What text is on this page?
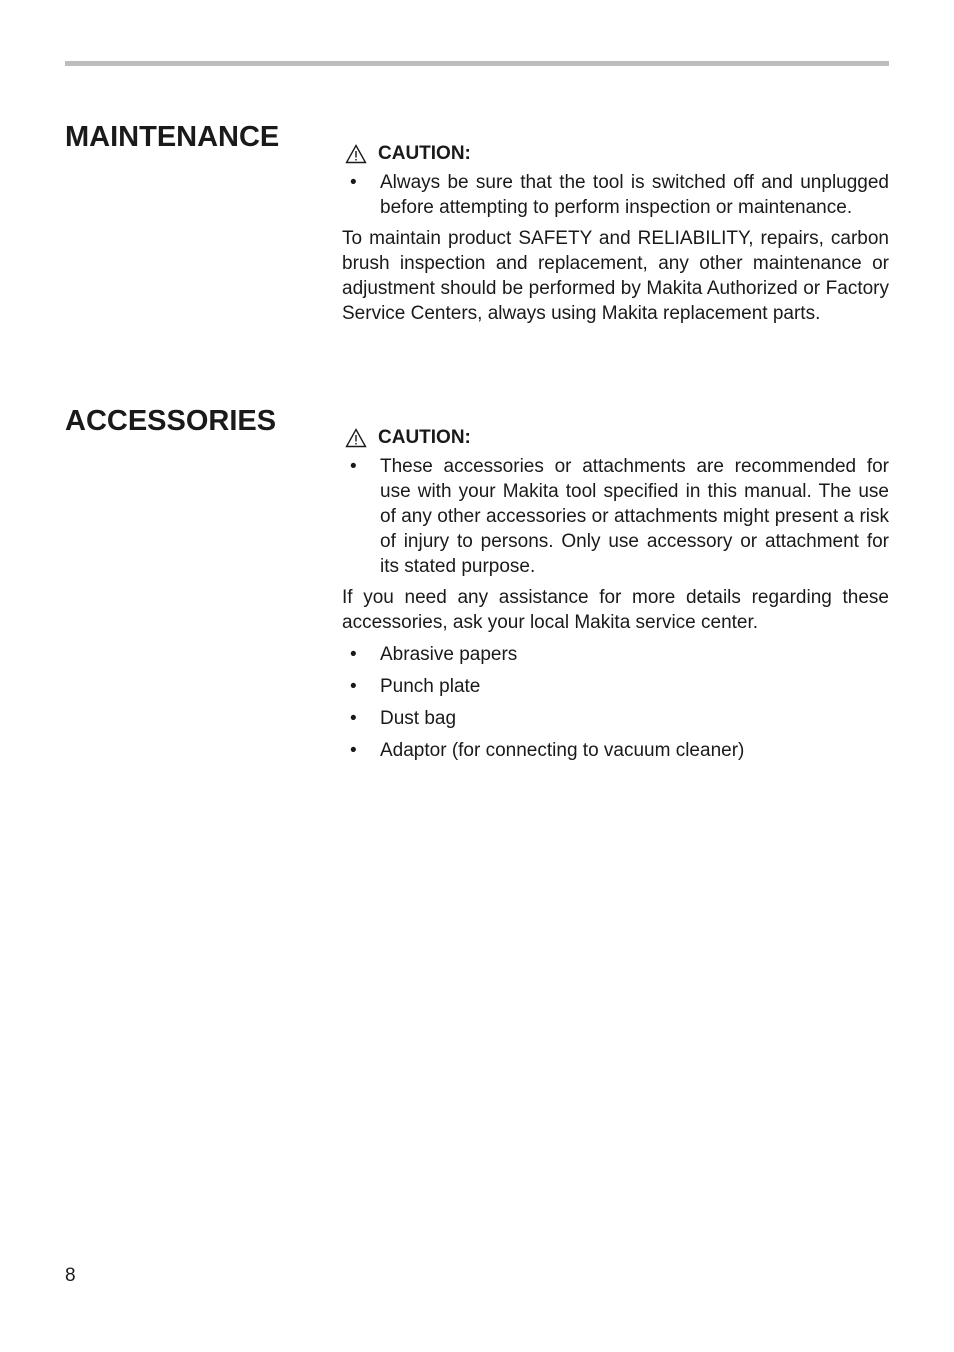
MAINTENANCE
CAUTION:
• Always be sure that the tool is switched off and unplugged before attempting to perform inspection or maintenance.

To maintain product SAFETY and RELIABILITY, repairs, carbon brush inspection and replacement, any other maintenance or adjustment should be performed by Makita Authorized or Factory Service Centers, always using Makita replacement parts.

ACCESSORIES
CAUTION:
• These accessories or attachments are recommended for use with your Makita tool specified in this manual. The use of any other accessories or attachments might present a risk of injury to persons. Only use accessory or attachment for its stated purpose.

If you need any assistance for more details regarding these accessories, ask your local Makita service center.

• Abrasive papers
• Punch plate
• Dust bag
• Adaptor (for connecting to vacuum cleaner)
8
